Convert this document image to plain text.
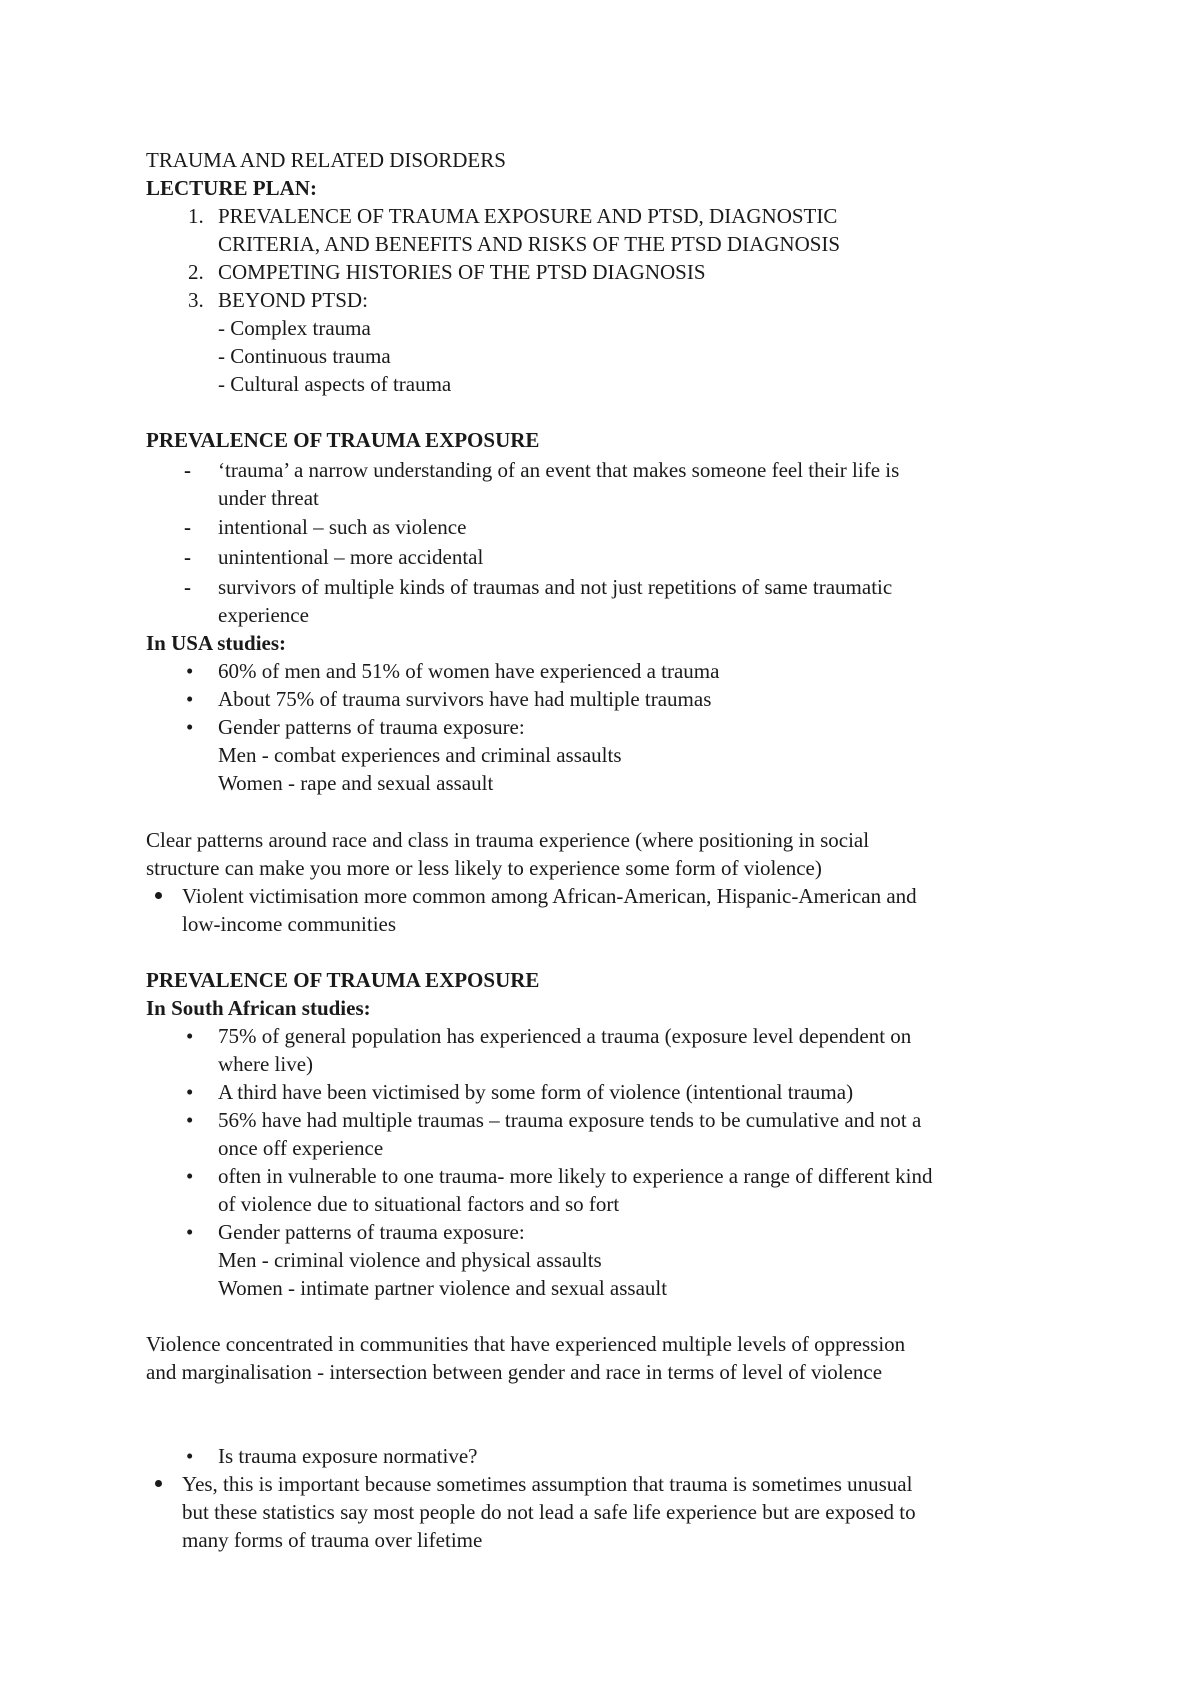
TRAUMA AND RELATED DISORDERS
LECTURE PLAN:
1. PREVALENCE OF TRAUMA EXPOSURE AND PTSD, DIAGNOSTIC
CRITERIA, AND BENEFITS AND RISKS OF THE PTSD DIAGNOSIS
2. COMPETING HISTORIES OF THE PTSD DIAGNOSIS
3. BEYOND PTSD:
- Complex trauma
- Continuous trauma
- Cultural aspects of trauma
PREVALENCE OF TRAUMA EXPOSURE
- ‘trauma’ a narrow understanding of an event that makes someone feel their life is
under threat
- intentional – such as violence
- unintentional – more accidental
- survivors of multiple kinds of traumas and not just repetitions of same traumatic
experience
In USA studies:
• 60% of men and 51% of women have experienced a trauma
• About 75% of trauma survivors have had multiple traumas
• Gender patterns of trauma exposure:
Men - combat experiences and criminal assaults
Women - rape and sexual assault
Clear patterns around race and class in trauma experience (where positioning in social
structure can make you more or less likely to experience some form of violence)
Violent victimisation more common among African-American, Hispanic-American and
low-income communities
PREVALENCE OF TRAUMA EXPOSURE
In South African studies:
• 75% of general population has experienced a trauma (exposure level dependent on
where live)
• A third have been victimised by some form of violence (intentional trauma)
• 56% have had multiple traumas – trauma exposure tends to be cumulative and not a
once off experience
• often in vulnerable to one trauma- more likely to experience a range of different kind
of violence due to situational factors and so fort
• Gender patterns of trauma exposure:
Men - criminal violence and physical assaults
Women - intimate partner violence and sexual assault
Violence concentrated in communities that have experienced multiple levels of oppression
and marginalisation - intersection between gender and race in terms of level of violence
• Is trauma exposure normative?
Yes, this is important because sometimes assumption that trauma is sometimes unusual
but these statistics say most people do not lead a safe life experience but are exposed to
many forms of trauma over lifetime
